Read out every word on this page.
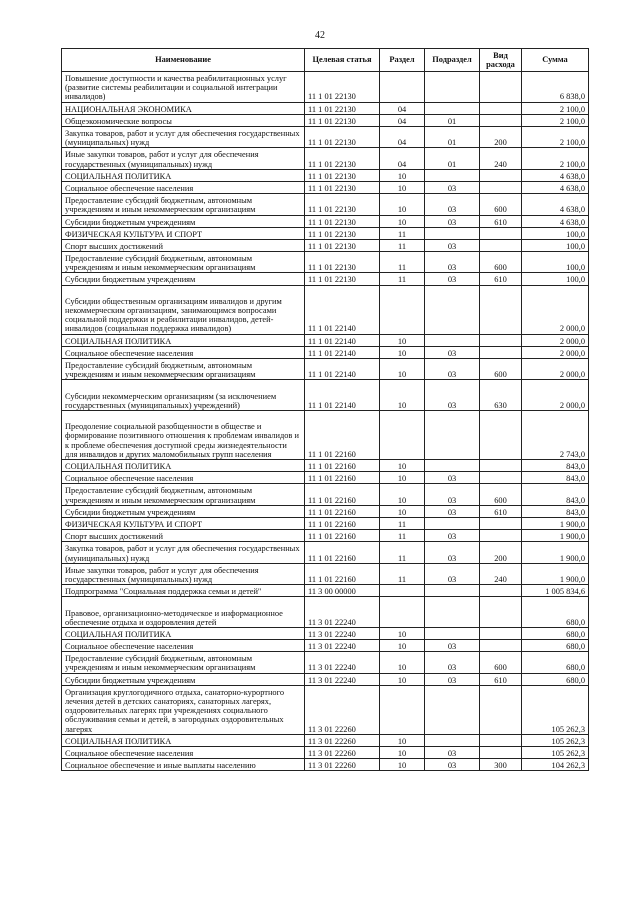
42
Наименование	Целевая статья	Раздел	Подраздел	Вид расхода	Сумма
Повышение доступности и качества реабилитационных услуг (развитие системы реабилитации и социальной интеграции инвалидов)	11 1 01 22130				6 838,0
НАЦИОНАЛЬНАЯ ЭКОНОМИКА	11 1 01 22130	04			2 100,0
Общеэкономические вопросы	11 1 01 22130	04	01		2 100,0
Закупка товаров, работ и услуг для обеспечения государственных (муниципальных) нужд	11 1 01 22130	04	01	200	2 100,0
Иные закупки товаров, работ и услуг для обеспечения государственных (муниципальных) нужд	11 1 01 22130	04	01	240	2 100,0
СОЦИАЛЬНАЯ ПОЛИТИКА	11 1 01 22130	10			4 638,0
Социальное обеспечение населения	11 1 01 22130	10	03		4 638,0
Предоставление субсидий бюджетным, автономным учреждениям и иным некоммерческим организациям	11 1 01 22130	10	03	600	4 638,0
Субсидии бюджетным учреждениям	11 1 01 22130	10	03	610	4 638,0
ФИЗИЧЕСКАЯ КУЛЬТУРА И СПОРТ	11 1 01 22130	11			100,0
Спорт высших достижений	11 1 01 22130	11	03		100,0
Предоставление субсидий бюджетным, автономным учреждениям и иным некоммерческим организациям	11 1 01 22130	11	03	600	100,0
Субсидии бюджетным учреждениям	11 1 01 22130	11	03	610	100,0
Субсидии общественным организациям инвалидов и другим некоммерческим организациям, занимающимся вопросами социальной поддержки и реабилитации инвалидов, детей-инвалидов (социальная поддержка инвалидов)	11 1 01 22140				2 000,0
СОЦИАЛЬНАЯ ПОЛИТИКА	11 1 01 22140	10			2 000,0
Социальное обеспечение населения	11 1 01 22140	10	03		2 000,0
Предоставление субсидий бюджетным, автономным учреждениям и иным некоммерческим организациям	11 1 01 22140	10	03	600	2 000,0
Субсидии некоммерческим организациям (за исключением государственных (муниципальных) учреждений)	11 1 01 22140	10	03	630	2 000,0
Преодоление социальной разобщенности в обществе и формирование позитивного отношения к проблемам инвалидов и к проблеме обеспечения доступной среды жизнедеятельности для инвалидов и других маломобильных групп населения	11 1 01 22160				2 743,0
СОЦИАЛЬНАЯ ПОЛИТИКА	11 1 01 22160	10			843,0
Социальное обеспечение населения	11 1 01 22160	10	03		843,0
Предоставление субсидий бюджетным, автономным учреждениям и иным некоммерческим организациям	11 1 01 22160	10	03	600	843,0
Субсидии бюджетным учреждениям	11 1 01 22160	10	03	610	843,0
ФИЗИЧЕСКАЯ КУЛЬТУРА И СПОРТ	11 1 01 22160	11			1 900,0
Спорт высших достижений	11 1 01 22160	11	03		1 900,0
Закупка товаров, работ и услуг для обеспечения государственных (муниципальных) нужд	11 1 01 22160	11	03	200	1 900,0
Иные закупки товаров, работ и услуг для обеспечения государственных (муниципальных) нужд	11 1 01 22160	11	03	240	1 900,0
Подпрограмма "Социальная поддержка семьи и детей"	11 3 00 00000				1 005 834,6
Правовое, организационно-методическое и информационное обеспечение отдыха и оздоровления детей	11 3 01 22240				680,0
СОЦИАЛЬНАЯ ПОЛИТИКА	11 3 01 22240	10			680,0
Социальное обеспечение населения	11 3 01 22240	10	03		680,0
Предоставление субсидий бюджетным, автономным учреждениям и иным некоммерческим организациям	11 3 01 22240	10	03	600	680,0
Субсидии бюджетным учреждениям	11 3 01 22240	10	03	610	680,0
Организация круглогодичного отдыха, санаторно-курортного лечения детей в детских санаториях, санаторных лагерях, оздоровительных лагерях при учреждениях социального обслуживания семьи и детей, в загородных оздоровительных лагерях	11 3 01 22260				105 262,3
СОЦИАЛЬНАЯ ПОЛИТИКА	11 3 01 22260	10			105 262,3
Социальное обеспечение населения	11 3 01 22260	10	03		105 262,3
Социальное обеспечение и иные выплаты населению	11 3 01 22260	10	03	300	104 262,3
